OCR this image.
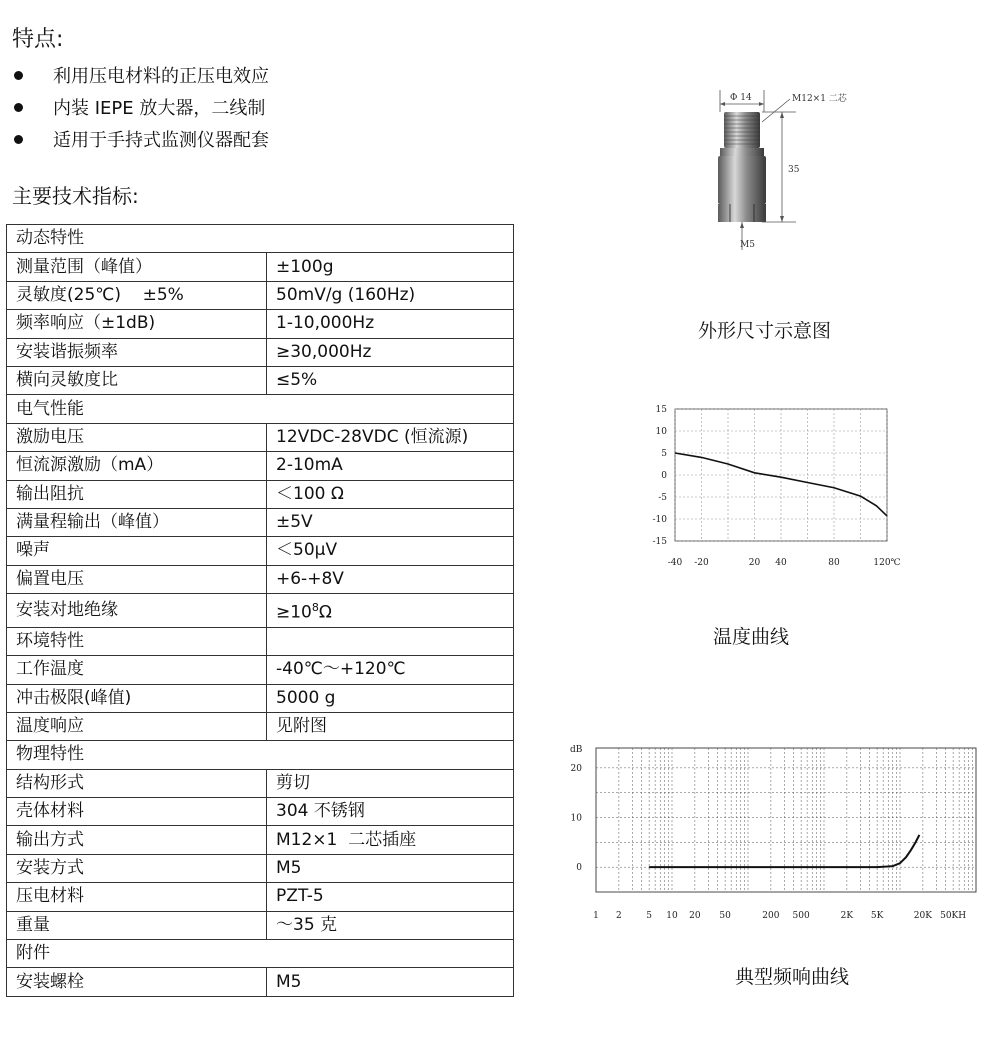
特点:
利用压电材料的正压电效应
内装 IEPE 放大器，二线制
适用于手持式监测仪器配套
主要技术指标:
动态特性	
测量范围（峰值）	±100g
灵敏度(25℃)    ±5%	50mV/g (160Hz)
频率响应（±1dB)	1-10,000Hz
安装谐振频率	≥30,000Hz
横向灵敏度比	≤5%
电气性能	
激励电压	12VDC-28VDC (恒流源)
恒流源激励（mA）	2-10mA
输出阻抗	＜100 Ω
满量程输出（峰值）	±5V
噪声	＜50μV
偏置电压	+6-+8V
安装对地绝缘	$\ge 10^8\Omega$
环境特性	
工作温度	-40℃～+120℃
冲击极限(峰值)	5000 g
温度响应	见附图
物理特性	
结构形式	剪切
壳体材料	304 不锈钢
输出方式	M12×1  二芯插座
安装方式	M5
压电材料	PZT-5
重量	～35 克
附件	
安装螺栓	M5
Φ 14	M12×1 二芯
35
M5
外形尺寸示意图
15
10
5
0
-5
-10
-15
-40 -20	20 40	80	120℃
温度曲线
dB
20
10
0
1 2	5 10 20 50	200 500	2K 5K	20K 50KH
典型频响曲线
